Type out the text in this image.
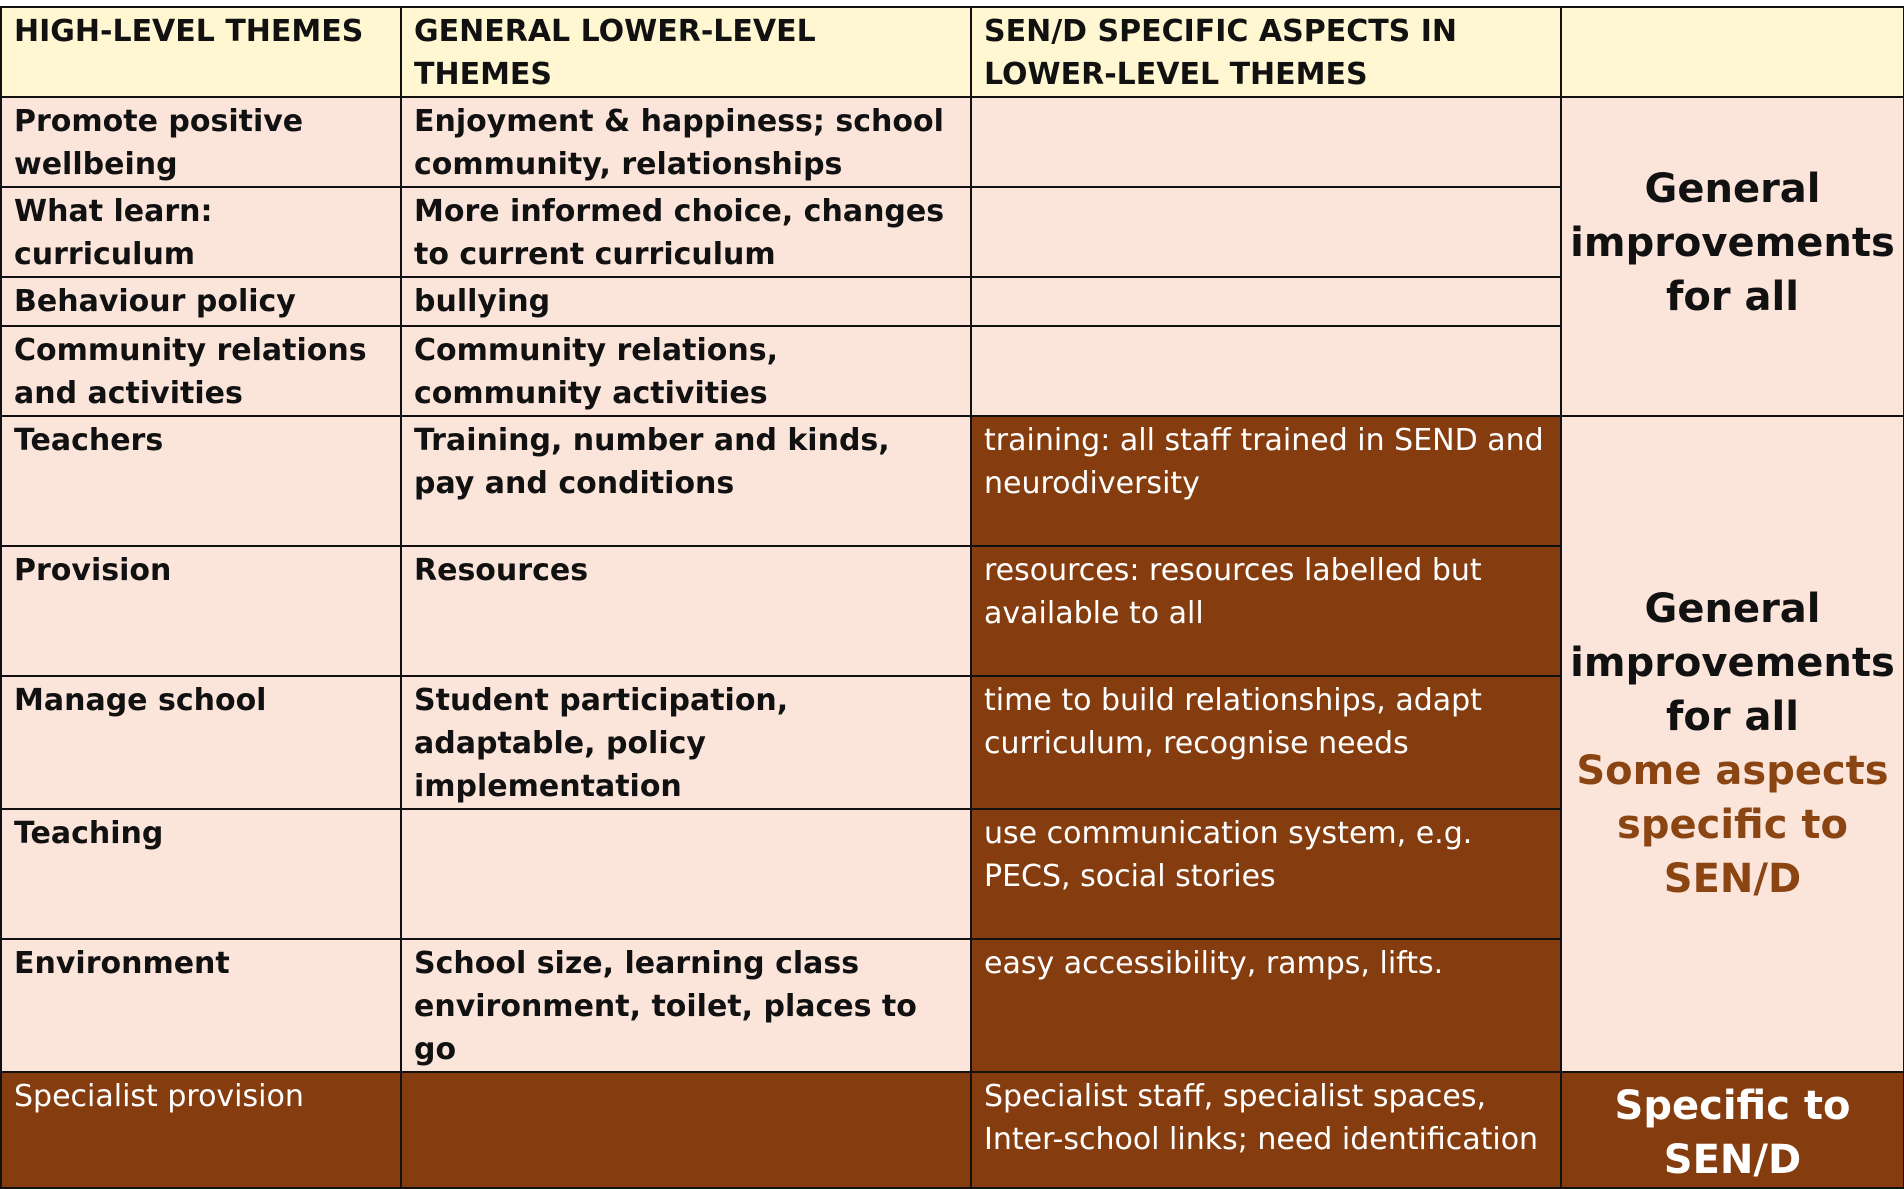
HIGH-LEVEL THEMES	GENERAL LOWER-LEVEL THEMES	SEN/D SPECIFIC ASPECTS IN LOWER-LEVEL THEMES	
Promote positive wellbeing	Enjoyment & happiness; school community, relationships		General improvements for all

What learn: curriculum	More informed choice, changes to current curriculum		
Behaviour policy	bullying		
Community relations and activities	Community relations, community activities		
Teachers	Training, number and kinds, pay and conditions	training: all staff trained in SEND and neurodiversity	General improvements for all
Some aspects specific to SEN/D

Provision	Resources	resources: resources labelled but available to all	
Manage school	Student participation, adaptable, policy implementation	time to build relationships, adapt curriculum, recognise needs	
Teaching		use communication system, e.g. PECS, social stories	
Environment	School size, learning class environment, toilet, places to go	easy accessibility, ramps, lifts.	
Specialist provision		Specialist staff, specialist spaces, Inter-school links; need identification	Specific to SEN/D
